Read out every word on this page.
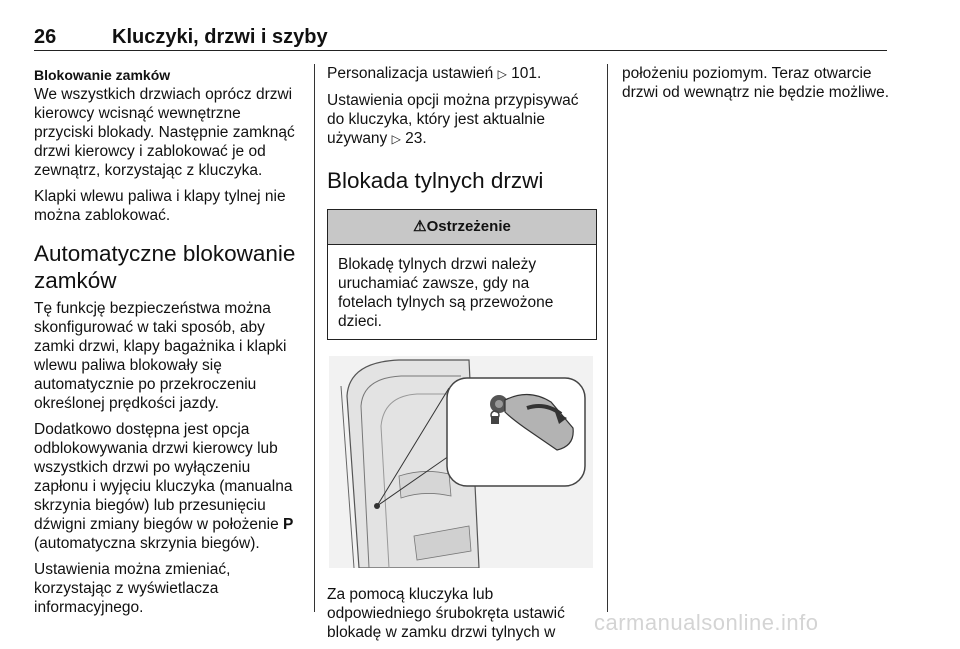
26	Kluczyki, drzwi i szyby
Blokowanie zamków

We wszystkich drzwiach oprócz drzwi kierowcy wcisnąć wewnętrzne przyciski blokady. Następnie zamknąć drzwi kierowcy i zablokować je od zewnątrz, korzystając z kluczyka.

Klapki wlewu paliwa i klapy tylnej nie można zablokować.

Automatyczne blokowanie zamków

Tę funkcję bezpieczeństwa można skonfigurować w taki sposób, aby zamki drzwi, klapy bagażnika i klapki wlewu paliwa blokowały się automatycznie po przekroczeniu określonej prędkości jazdy.

Dodatkowo dostępna jest opcja odblokowywania drzwi kierowcy lub wszystkich drzwi po wyłączeniu zapłonu i wyjęciu kluczyka (manualna skrzynia biegów) lub przesunięciu dźwigni zmiany biegów w położenie P (automatyczna skrzynia biegów).

Ustawienia można zmieniać, korzystając z wyświetlacza informacyjnego.

Personalizacja ustawień ▷ 101.

Ustawienia opcji można przypisywać do kluczyka, który jest aktualnie używany ▷ 23.

Blokada tylnych drzwi
⚠Ostrzeżenie
Blokadę tylnych drzwi należy uruchamiać zawsze, gdy na fotelach tylnych są przewożone dzieci.

Za pomocą kluczyka lub odpowiedniego śrubokręta ustawić blokadę w zamku drzwi tylnych w

położeniu poziomym. Teraz otwarcie drzwi od wewnątrz nie będzie możliwe.

carmanualsonline.info
